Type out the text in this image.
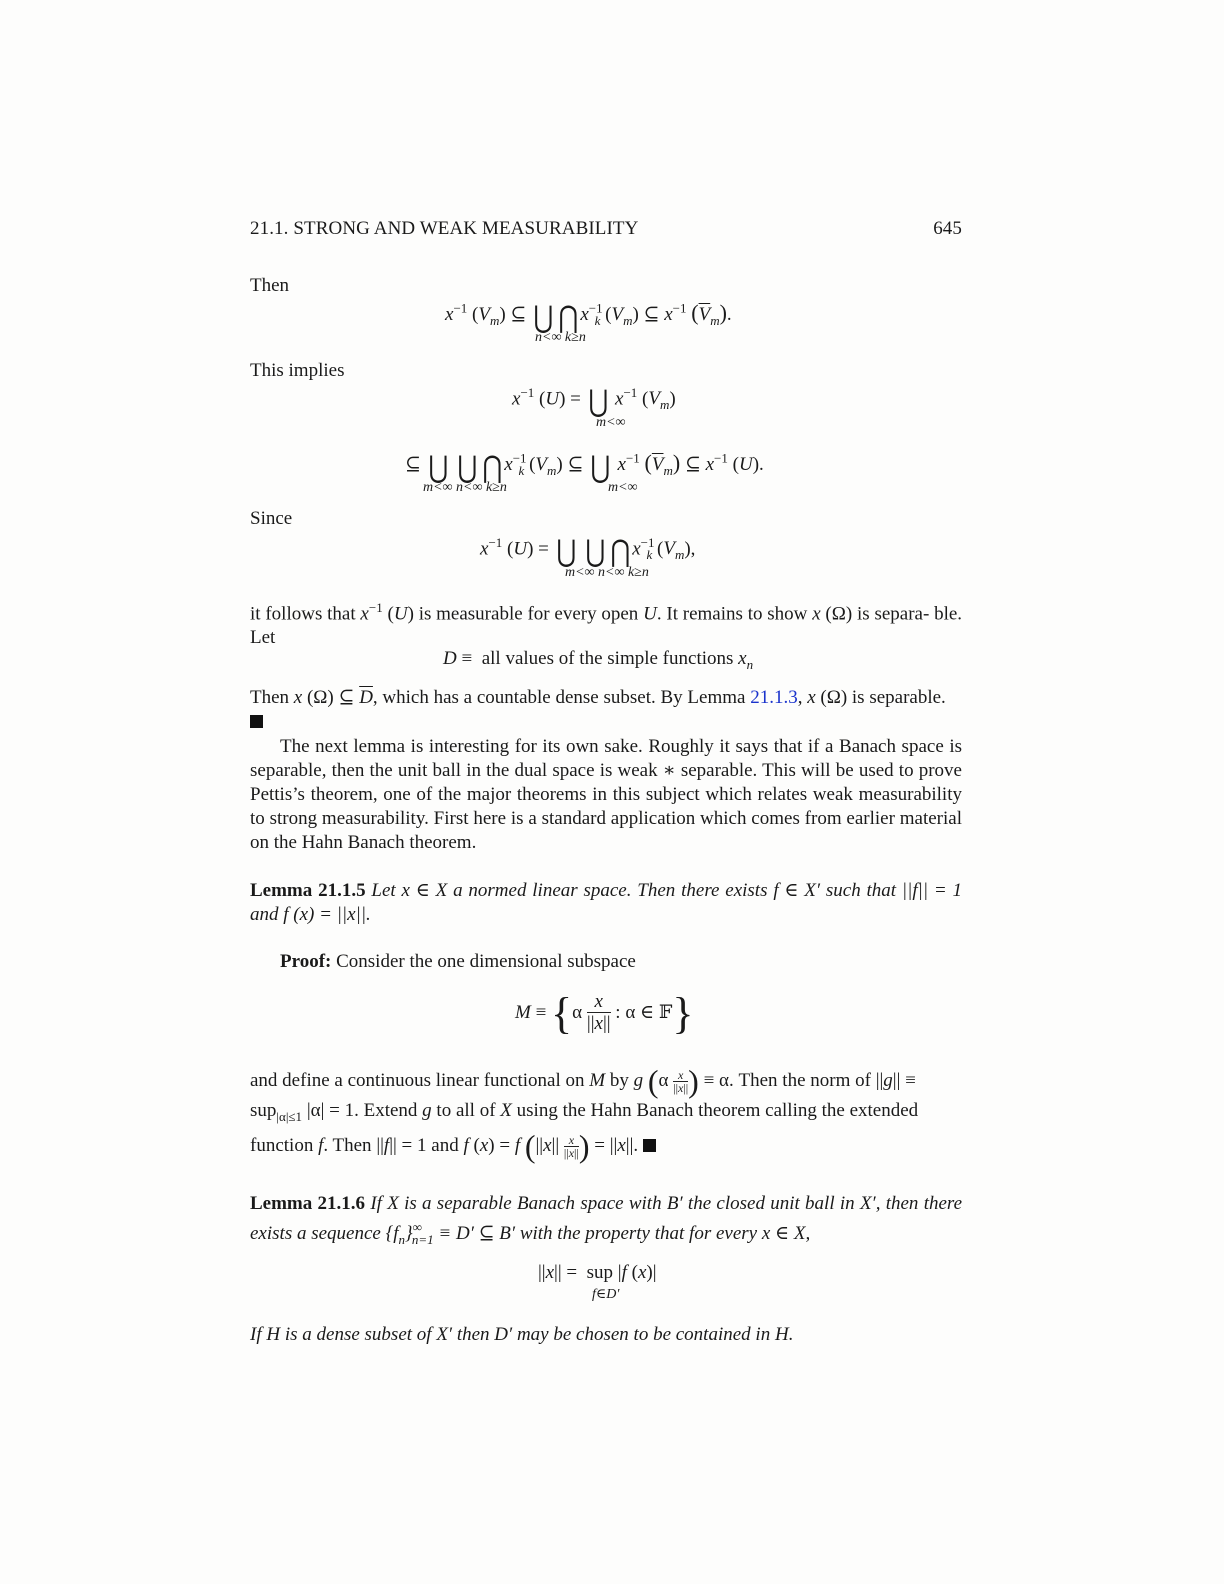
21.1. STRONG AND WEAK MEASURABILITY	645
Then
$x^{-1}$ $(V_m)$ ⊆ ⋃ ⋂ $x^{-1}_k$ $(V_m)$ ⊆ $x^{-1}$ $(\overline{V}_m)$.
n<∞ k≥n
This implies
$x^{-1}$ (U) = ⋃ $x^{-1}$ $(V_m)$
m<∞
⊆ ⋃ ⋃ ⋂ $x^{-1}_k$ $(V_m)$ ⊆ ⋃ $x^{-1}$ $(\overline{V}_m)$ ⊆ $x^{-1}$ (U).
m<∞ n<∞ k≥n	m<∞
Since
$x^{-1}$ (U) = ⋃ ⋃ ⋂ $x^{-1}_k$ $(V_m)$,
m<∞ n<∞ k≥n
it follows that $x^{-1}$ (U) is measurable for every open U. It remains to show x (Ω) is separa- ble. Let
D ≡  all values of the simple functions $x_n$
Then x (Ω) ⊆ $\overline{D}$, which has a countable dense subset. By Lemma 21.1.3, x (Ω) is separable.

The next lemma is interesting for its own sake. Roughly it says that if a Banach space is separable, then the unit ball in the dual space is weak ∗ separable. This will be used to prove Pettis’s theorem, one of the major theorems in this subject which relates weak measurability to strong measurability. First here is a standard application which comes from earlier material on the Hahn Banach theorem.
Lemma 21.1.5 Let x ∈ X a normed linear space. Then there exists f ∈ X′ such that ||f|| = 1 and f (x) = ||x||.
Proof: Consider the one dimensional subspace
$M \equiv \{\alpha \frac{x}{||x||}$ : α ∈ 𝔽}
and define a continuous linear functional on M by g ($\alpha \frac{x}{||x||}$ ) ≡ α. Then the norm of ||g|| ≡
sup$_{|\alpha|\le 1}$ |α| = 1. Extend g to all of X using the Hahn Banach theorem calling the extended
function f. Then ||f|| = 1 and f (x) = f ($||x|| \frac{x}{||x||}$ ) = ||x||.
Lemma 21.1.6 If X is a separable Banach space with B′ the closed unit ball in X′, then there exists a sequence $\{f_n\}^\infty_{n=1} \equiv D'$ ⊆ B′ with the property that for every x ∈ X,
||x|| =  sup |f (x)|
f∈D′
If H is a dense subset of X′ then D′ may be chosen to be contained in H.
